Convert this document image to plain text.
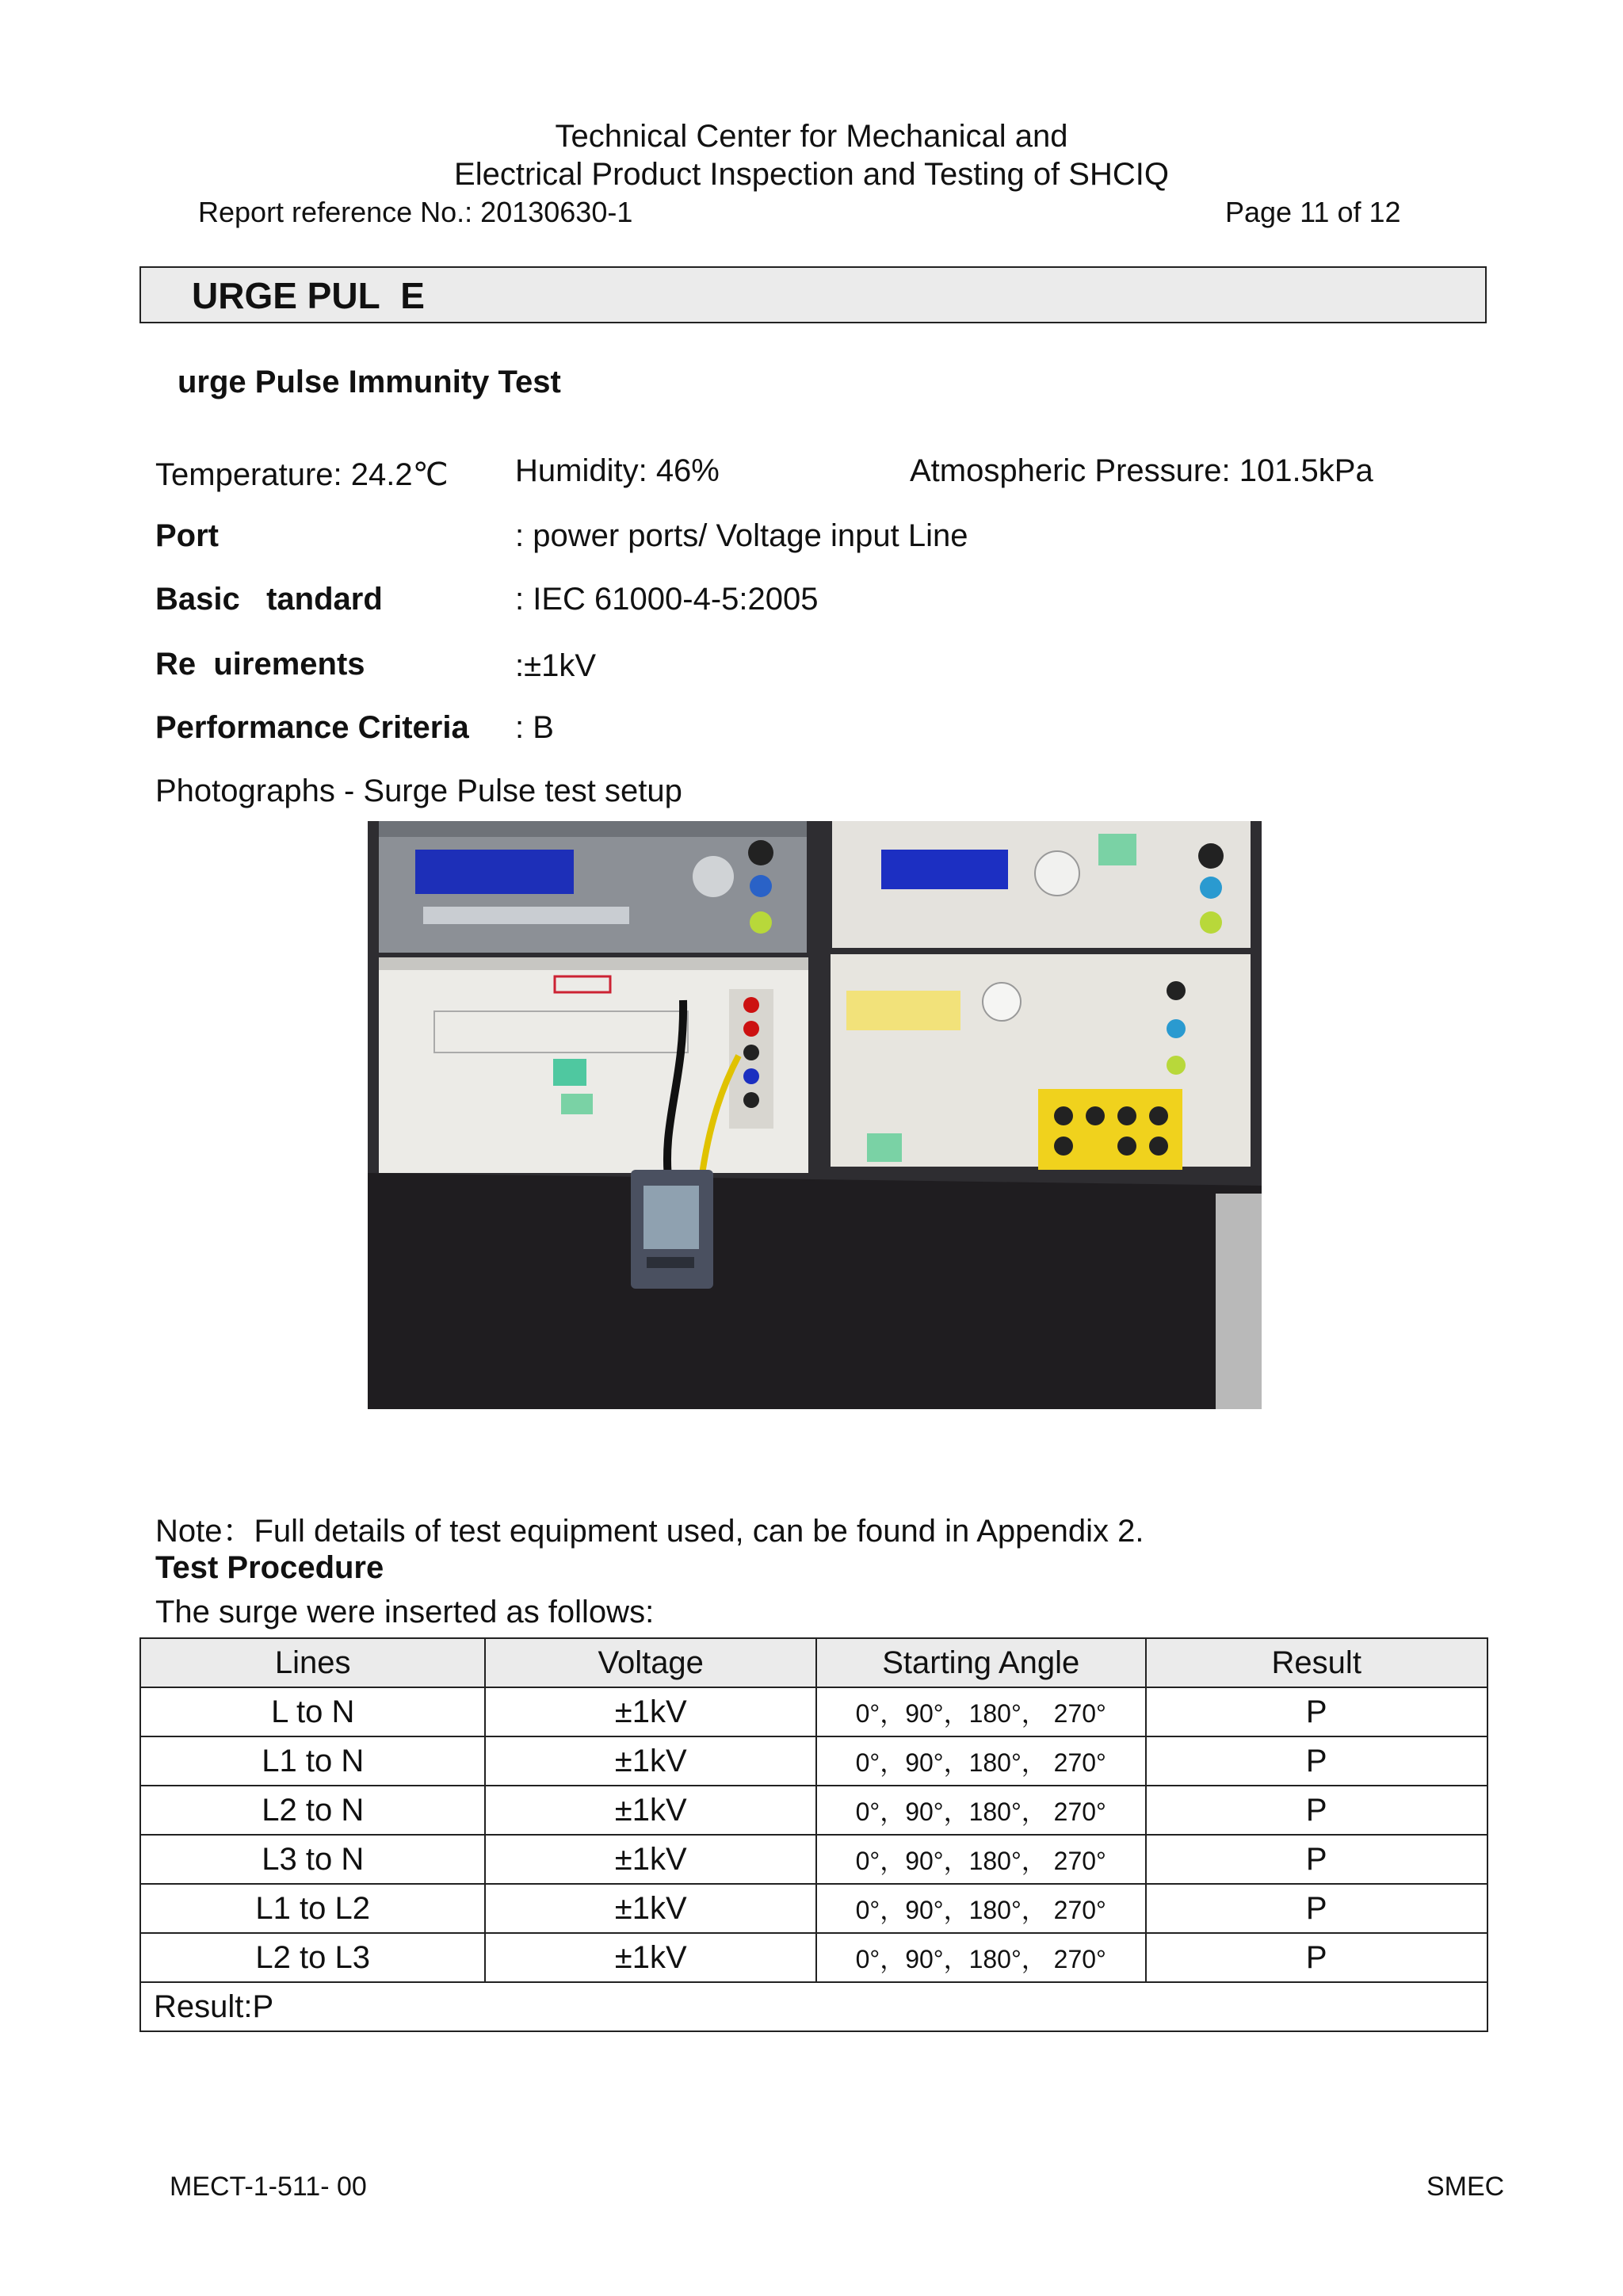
Technical Center for Mechanical and
Electrical Product Inspection and Testing of SHCIQ
Report reference No.: 20130630-1	Page 11 of 12
URGE PUL  E
urge Pulse Immunity Test
Temperature: 24.2℃ Humidity: 46%	Atmospheric Pressure: 101.5kPa
Port	: power ports/ Voltage input Line
Basic   tandard	: IEC 61000-4-5:2005
Re  uirements	:±1kV
Performance Criteria : B
Photographs - Surge Pulse test setup
Note：Full details of test equipment used, can be found in Appendix 2.
Test Procedure
The surge were inserted as follows:
Lines	Voltage	Starting Angle	Result
L to N	±1kV	0°，90°，180°， 270°	P
L1 to N	±1kV	0°，90°，180°， 270°	P
L2 to N	±1kV	0°，90°，180°， 270°	P
L3 to N	±1kV	0°，90°，180°， 270°	P
L1 to L2	±1kV	0°，90°，180°， 270°	P
L2 to L3	±1kV	0°，90°，180°， 270°	P
Result:P			
MECT-1-511- 00	SMEC
